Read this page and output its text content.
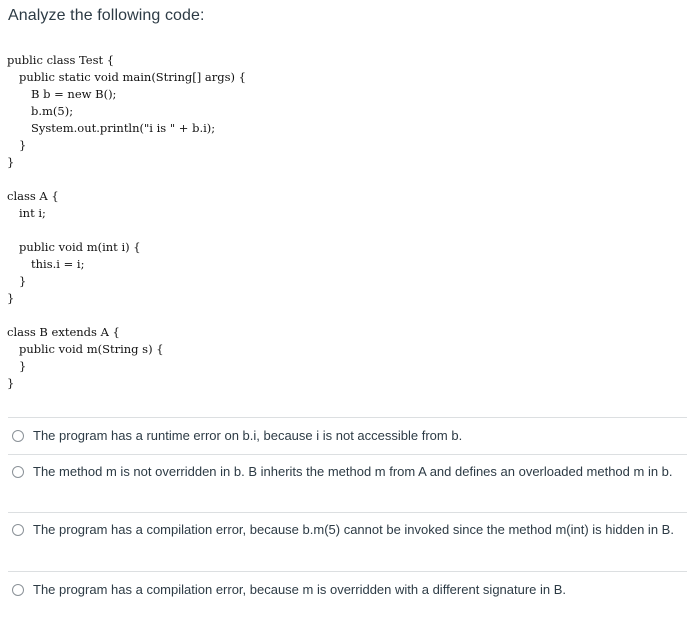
Analyze the following code:
public class Test {
public static void main(String[] args) {
B b = new B();
b.m(5);
System.out.println("i is " + b.i);
}
}
class A {
int i;
public void m(int i) {
this.i = i;
}
}
class B extends A {
public void m(String s) {
}
}
The program has a runtime error on b.i, because i is not accessible from b.
The method m is not overridden in b. B inherits the method m from A and defines an overloaded method m in b.
The program has a compilation error, because b.m(5) cannot be invoked since the method m(int) is hidden in B.
The program has a compilation error, because m is overridden with a different signature in B.
